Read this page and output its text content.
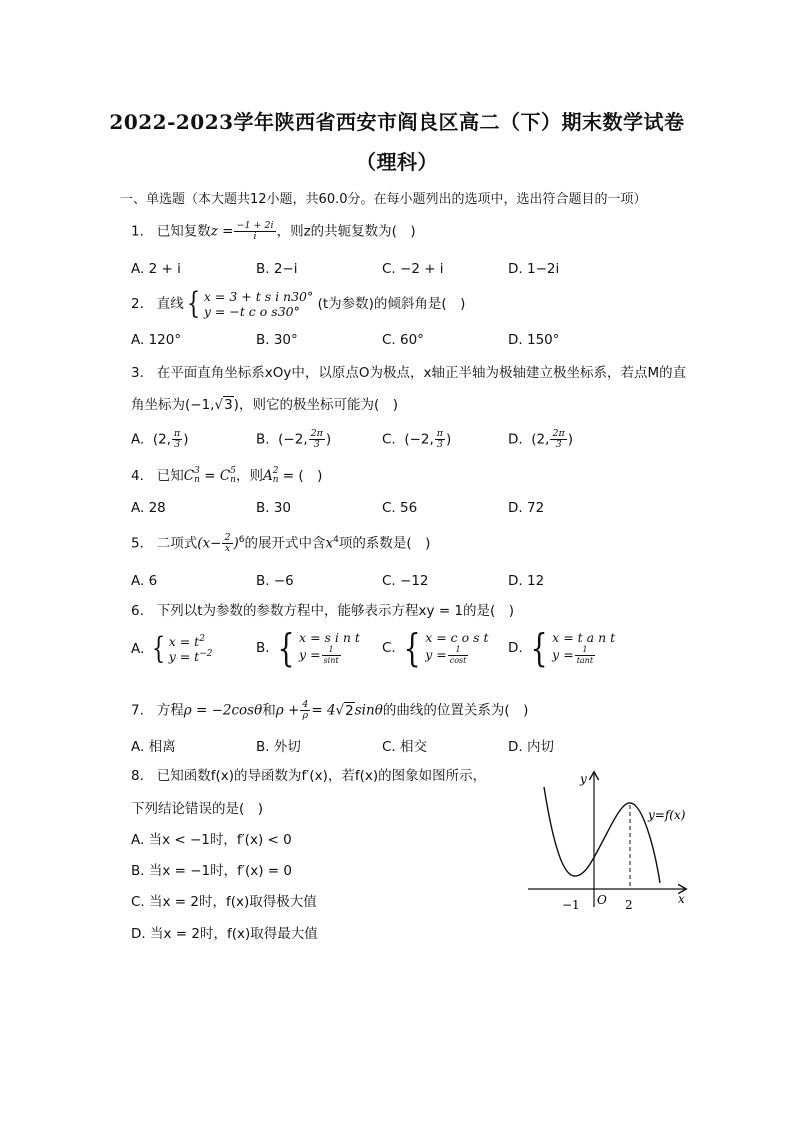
2022-2023学年陕西省西安市阎良区高二（下）期末数学试卷
（理科）
一、单选题（本大题共12小题，共60.0分。在每小题列出的选项中，选出符合题目的一项）
1. 已知复数$z = \frac{-1 + 2i}{i}$ ，则z的共轭复数为(　)
A. 2 + i	B. 2−i	C. −2 + i	D. 1−2i
2. 直线 { x = 3 + t s i n30°
y = −t c o s30°	(t为参数)的倾斜角是(　)
A. 120°	B. 30°	C. 60°	D. 150°
3. 在平面直角坐标系xOy中，以原点O为极点，x轴正半轴为极轴建立极坐标系，若点M的直
角坐标为(−1,√3)，则它的极坐标可能为(　)
A. (2, $\frac{\pi}{3}$ )	B. (−2, $\frac{2\pi}{3}$ )	C. (−2, $\frac{\pi}{3}$ )	D. (2, $\frac{2\pi}{3}$ )
4. 已知C 3
n = C 5
n ，则A 2
n = (　)
A. 28	B. 30	C. 56	D. 72
5. 二项式$(x- \frac{2}{x} )^6$的展开式中含$x^4$项的系数是(　)
A. 6	B. −6	C. −12	D. 12
6. 下列以t为参数的参数方程中，能够表示方程xy = 1的是(　)
A. { $x = t^2$
$y = t^{-2}$	B. { x = s i n t
$y = \frac{1}{\sin t}$	C. { x = c o s t
$y = \frac{1}{\cos t}$	D. { x = t a n t
$y = \frac{1}{\tan t}$
7. 方程ρ = −2cosθ和$\rho + \frac{4}{\rho} = 4√2\sin\theta$的曲线的位置关系为(　)
A. 相离	B. 外切	C. 相交	D. 内切
8. 已知函数f(x)的导函数为f′(x)，若f(x)的图象如图所示，
下列结论错误的是(　)
A. 当x < −1时，f′(x) < 0
B. 当x = −1时，f′(x) = 0
C. 当x = 2时，f(x)取得极大值
D. 当x = 2时，f(x)取得最大值
y
x
O
−1	2
y=f(x)
